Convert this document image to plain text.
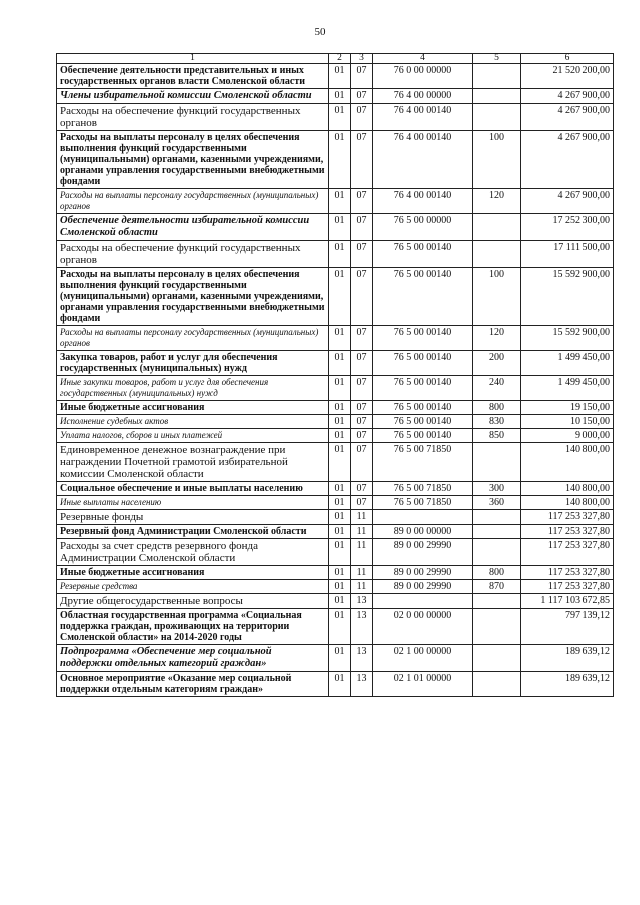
50
1	2	3	4	5	6
Обеспечение деятельности представительных и иных государственных органов власти Смоленской области	01	07	76 0 00 00000		21 520 200,00
Члены избирательной комиссии Смоленской области	01	07	76 4 00 00000		4 267 900,00
Расходы на обеспечение функций государственных органов	01	07	76 4 00 00140		4 267 900,00
Расходы на выплаты персоналу в целях обеспечения выполнения функций государственными (муниципальными) органами, казенными учреждениями, органами управления государственными внебюджетными фондами	01	07	76 4 00 00140	100	4 267 900,00
Расходы на выплаты персоналу государственных (муниципальных) органов	01	07	76 4 00 00140	120	4 267 900,00
Обеспечение деятельности избирательной комиссии Смоленской области	01	07	76 5 00 00000		17 252 300,00
Расходы на обеспечение функций государственных органов	01	07	76 5 00 00140		17 111 500,00
Расходы на выплаты персоналу в целях обеспечения выполнения функций государственными (муниципальными) органами, казенными учреждениями, органами управления государственными внебюджетными фондами	01	07	76 5 00 00140	100	15 592 900,00
Расходы на выплаты персоналу государственных (муниципальных) органов	01	07	76 5 00 00140	120	15 592 900,00
Закупка товаров, работ и услуг для обеспечения государственных (муниципальных) нужд	01	07	76 5 00 00140	200	1 499 450,00
Иные закупки товаров, работ и услуг для обеспечения государственных (муниципальных) нужд	01	07	76 5 00 00140	240	1 499 450,00
Иные бюджетные ассигнования	01	07	76 5 00 00140	800	19 150,00
Исполнение судебных актов	01	07	76 5 00 00140	830	10 150,00
Уплата налогов, сборов и иных платежей	01	07	76 5 00 00140	850	9 000,00
Единовременное денежное вознаграждение при награждении Почетной грамотой избирательной комиссии Смоленской области	01	07	76 5 00 71850		140 800,00
Социальное обеспечение и иные выплаты населению	01	07	76 5 00 71850	300	140 800,00
Иные выплаты населению	01	07	76 5 00 71850	360	140 800,00
Резервные фонды	01	11			117 253 327,80
Резервный фонд Администрации Смоленской области	01	11	89 0 00 00000		117 253 327,80
Расходы за счет средств резервного фонда Администрации Смоленской области	01	11	89 0 00 29990		117 253 327,80
Иные бюджетные ассигнования	01	11	89 0 00 29990	800	117 253 327,80
Резервные средства	01	11	89 0 00 29990	870	117 253 327,80
Другие общегосударственные вопросы	01	13			1 117 103 672,85
Областная государственная программа «Социальная поддержка граждан, проживающих на территории Смоленской области» на 2014-2020 годы	01	13	02 0 00 00000		797 139,12
Подпрограмма «Обеспечение мер социальной поддержки отдельных категорий граждан»	01	13	02 1 00 00000		189 639,12
Основное мероприятие «Оказание мер социальной поддержки отдельным категориям граждан»	01	13	02 1 01 00000		189 639,12
